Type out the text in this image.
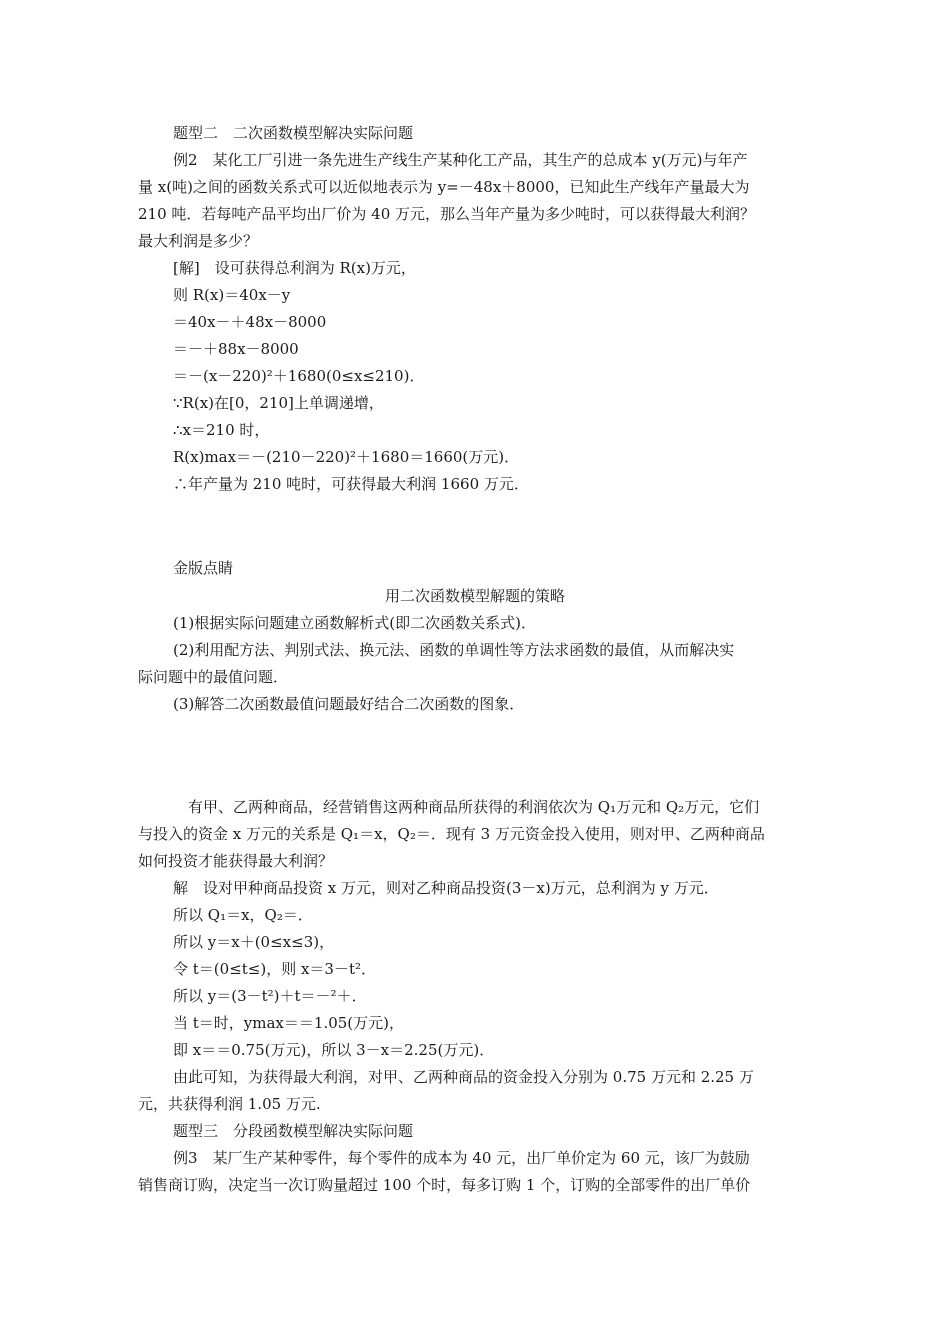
题型二　二次函数模型解决实际问题
例2　某化工厂引进一条先进生产线生产某种化工产品，其生产的总成本 y(万元)与年产
量 x(吨)之间的函数关系式可以近似地表示为 y=－48x＋8000，已知此生产线年产量最大为
210 吨．若每吨产品平均出厂价为 40 万元，那么当年产量为多少吨时，可以获得最大利润？
最大利润是多少？
[解]　设可获得总利润为 R(x)万元，
则 R(x)＝40x－y
＝40x－＋48x－8000
＝－＋88x－8000
＝－(x－220)²＋1680(0≤x≤210)．
∵R(x)在[0，210]上单调递增，
∴x＝210 时，
R(x)max＝－(210－220)²＋1680＝1660(万元)．
∴年产量为 210 吨时，可获得最大利润 1660 万元．
金版点睛
用二次函数模型解题的策略
(1)根据实际问题建立函数解析式(即二次函数关系式)．
(2)利用配方法、判别式法、换元法、函数的单调性等方法求函数的最值，从而解决实
际问题中的最值问题．
(3)解答二次函数最值问题最好结合二次函数的图象．
有甲、乙两种商品，经营销售这两种商品所获得的利润依次为 Q₁万元和 Q₂万元，它们
与投入的资金 x 万元的关系是 Q₁＝x，Q₂＝．现有 3 万元资金投入使用，则对甲、乙两种商品
如何投资才能获得最大利润？
解　设对甲种商品投资 x 万元，则对乙种商品投资(3－x)万元，总利润为 y 万元．
所以 Q₁＝x，Q₂＝．
所以 y＝x＋(0≤x≤3)，
令 t＝(0≤t≤)，则 x＝3－t²．
所以 y＝(3－t²)＋t＝－²＋．
当 t＝时，ymax＝＝1.05(万元)，
即 x＝＝0.75(万元)，所以 3－x＝2.25(万元)．
由此可知，为获得最大利润，对甲、乙两种商品的资金投入分别为 0.75 万元和 2.25 万
元，共获得利润 1.05 万元.
题型三　分段函数模型解决实际问题
例3　某厂生产某种零件，每个零件的成本为 40 元，出厂单价定为 60 元，该厂为鼓励
销售商订购，决定当一次订购量超过 100 个时，每多订购 1 个，订购的全部零件的出厂单价
